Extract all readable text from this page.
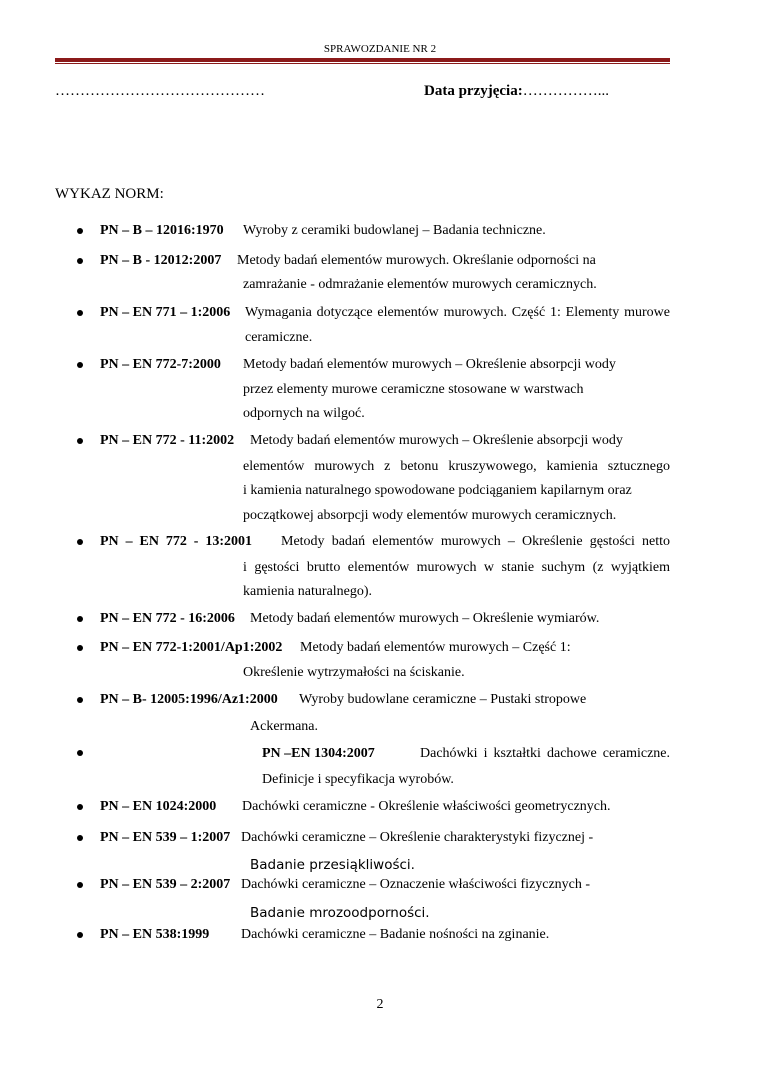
SPRAWOZDANIE NR 2
……………………………………	Data przyjęcia:……………...
WYKAZ NORM:
PN – B – 12016:1970 Wyroby z ceramiki budowlanej – Badania techniczne.
PN – B - 12012:2007 Metody badań elementów murowych. Określanie odporności na
zamrażanie - odmrażanie elementów murowych ceramicznych.
PN – EN 771 – 1:2006 Wymagania dotyczące elementów murowych. Część 1: Elementy murowe
ceramiczne.
PN – EN 772-7:2000 Metody badań elementów murowych – Określenie absorpcji wody
przez elementy murowe ceramiczne stosowane w warstwach
odpornych na wilgoć.
PN – EN 772 - 11:2002 Metody badań elementów murowych – Określenie absorpcji wody
elementów murowych z betonu kruszywowego, kamienia sztucznego
i kamienia naturalnego spowodowane podciąganiem kapilarnym oraz
początkowej absorpcji wody elementów murowych ceramicznych.
PN – EN 772 - 13:2001 Metody badań elementów murowych – Określenie gęstości netto
i gęstości brutto elementów murowych w stanie suchym (z wyjątkiem
kamienia naturalnego).
PN – EN 772 - 16:2006 Metody badań elementów murowych – Określenie wymiarów.
PN – EN 772-1:2001/Ap1:2002 Metody badań elementów murowych – Część 1:
Określenie wytrzymałości na ściskanie.
PN – B- 12005:1996/Az1:2000 Wyroby budowlane ceramiczne – Pustaki stropowe
Ackermana.
PN –EN 1304:2007	Dachówki i kształtki dachowe ceramiczne.
Definicje i specyfikacja wyrobów.
PN – EN 1024:2000 Dachówki ceramiczne - Określenie właściwości geometrycznych.
PN – EN 539 – 1:2007 Dachówki ceramiczne – Określenie charakterystyki fizycznej -
Badanie przesiąkliwości.
PN – EN 539 – 2:2007 Dachówki ceramiczne – Oznaczenie właściwości fizycznych -
Badanie mrozoodporności.
PN – EN 538:1999 Dachówki ceramiczne – Badanie nośności na zginanie.
2
